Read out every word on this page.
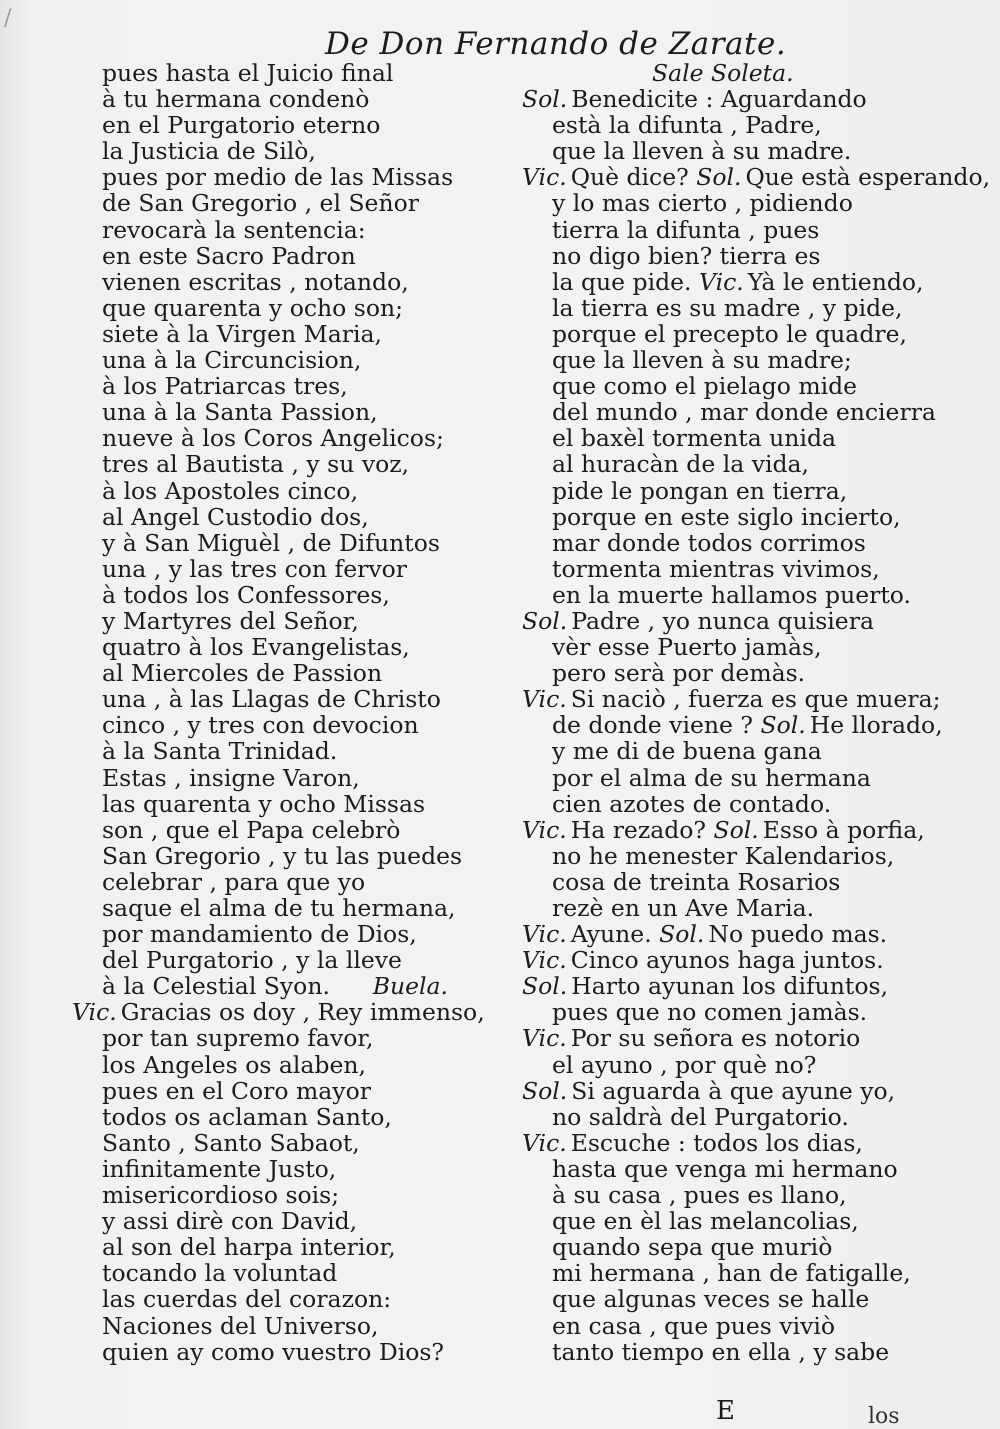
/
De Don Fernando de Zarate.
pues hasta el Juicio final
à tu hermana condenò
en el Purgatorio eterno
la Justicia de Silò,
pues por medio de las Missas
de San Gregorio , el Señor
revocarà la sentencia:
en este Sacro Padron
vienen escritas , notando,
que quarenta y ocho son;
siete à la Virgen Maria,
una à la Circuncision,
à los Patriarcas tres,
una à la Santa Passion,
nueve à los Coros Angelicos;
tres al Bautista , y su voz,
à los Apostoles cinco,
al Angel Custodio dos,
y à San Miguèl , de Difuntos
una , y las tres con fervor
à todos los Confessores,
y Martyres del Señor,
quatro à los Evangelistas,
al Miercoles de Passion
una , à las Llagas de Christo
cinco , y tres con devocion
à la Santa Trinidad.
Estas , insigne Varon,
las quarenta y ocho Missas
son , que el Papa celebrò
San Gregorio , y tu las puedes
celebrar , para que yo
saque el alma de tu hermana,
por mandamiento de Dios,
del Purgatorio , y la lleve
à la Celestial Syon. Buela.
Vic. Gracias os doy , Rey immenso,
por tan supremo favor,
los Angeles os alaben,
pues en el Coro mayor
todos os aclaman Santo,
Santo , Santo Sabaot,
infinitamente Justo,
misericordioso sois;
y assi dirè con David,
al son del harpa interior,
tocando la voluntad
las cuerdas del corazon:
Naciones del Universo,
quien ay como vuestro Dios?
Sale Soleta.
Sol. Benedicite : Aguardando
està la difunta , Padre,
que la lleven à su madre.
Vic. Què dice? Sol. Que està esperando,
y lo mas cierto , pidiendo
tierra la difunta , pues
no digo bien? tierra es
la que pide. Vic. Yà le entiendo,
la tierra es su madre , y pide,
porque el precepto le quadre,
que la lleven à su madre;
que como el pielago mide
del mundo , mar donde encierra
el baxèl tormenta unida
al huracàn de la vida,
pide le pongan en tierra,
porque en este siglo incierto,
mar donde todos corrimos
tormenta mientras vivimos,
en la muerte hallamos puerto.
Sol. Padre , yo nunca quisiera
vèr esse Puerto jamàs,
pero serà por demàs.
Vic. Si naciò , fuerza es que muera;
de donde viene ? Sol. He llorado,
y me di de buena gana
por el alma de su hermana
cien azotes de contado.
Vic. Ha rezado? Sol. Esso à porfia,
no he menester Kalendarios,
cosa de treinta Rosarios
rezè en un Ave Maria.
Vic. Ayune. Sol. No puedo mas.
Vic. Cinco ayunos haga juntos.
Sol. Harto ayunan los difuntos,
pues que no comen jamàs.
Vic. Por su señora es notorio
el ayuno , por què no?
Sol. Si aguarda à que ayune yo,
no saldrà del Purgatorio.
Vic. Escuche : todos los dias,
hasta que venga mi hermano
à su casa , pues es llano,
que en èl las melancolias,
quando sepa que muriò
mi hermana , han de fatigalle,
que algunas veces se halle
en casa , que pues viviò
tanto tiempo en ella , y sabe
E	los
